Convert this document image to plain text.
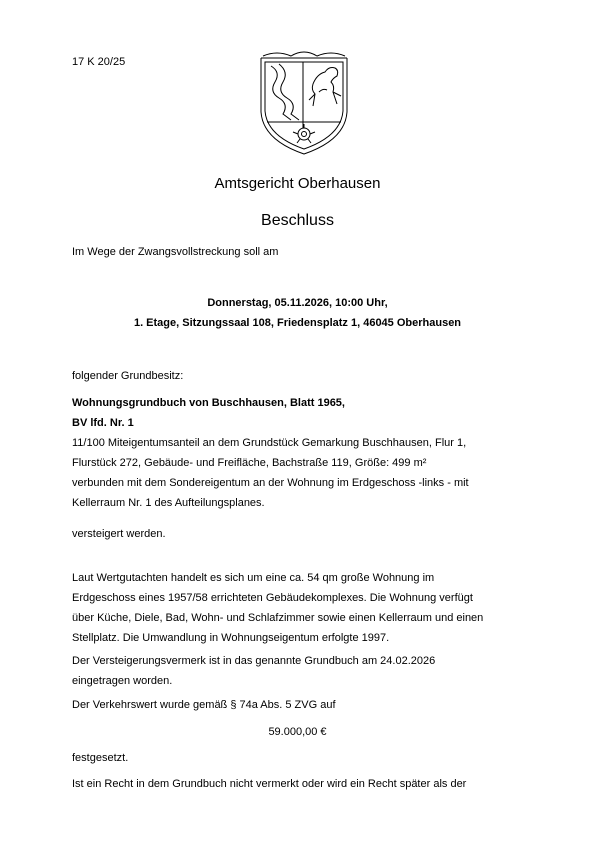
17 K 20/25
Amtsgericht Oberhausen
Beschluss
Im Wege der Zwangsvollstreckung soll am
Donnerstag, 05.11.2026, 10:00 Uhr,
1. Etage, Sitzungssaal 108, Friedensplatz 1, 46045 Oberhausen
folgender Grundbesitz:
Wohnungsgrundbuch von Buschhausen, Blatt 1965,
BV lfd. Nr. 1
11/100 Miteigentumsanteil an dem Grundstück Gemarkung Buschhausen, Flur 1,
Flurstück 272, Gebäude- und Freifläche, Bachstraße 119, Größe: 499 m²
verbunden mit dem Sondereigentum an der Wohnung im Erdgeschoss -links - mit
Kellerraum Nr. 1 des Aufteilungsplanes.
versteigert werden.
Laut Wertgutachten handelt es sich um eine ca. 54 qm große Wohnung im
Erdgeschoss eines 1957/58 errichteten Gebäudekomplexes. Die Wohnung verfügt
über Küche, Diele, Bad, Wohn- und Schlafzimmer sowie einen Kellerraum und einen
Stellplatz. Die Umwandlung in Wohnungseigentum erfolgte 1997.
Der Versteigerungsvermerk ist in das genannte Grundbuch am 24.02.2026
eingetragen worden.
Der Verkehrswert wurde gemäß § 74a Abs. 5 ZVG auf
59.000,00 €
festgesetzt.
Ist ein Recht in dem Grundbuch nicht vermerkt oder wird ein Recht später als der
